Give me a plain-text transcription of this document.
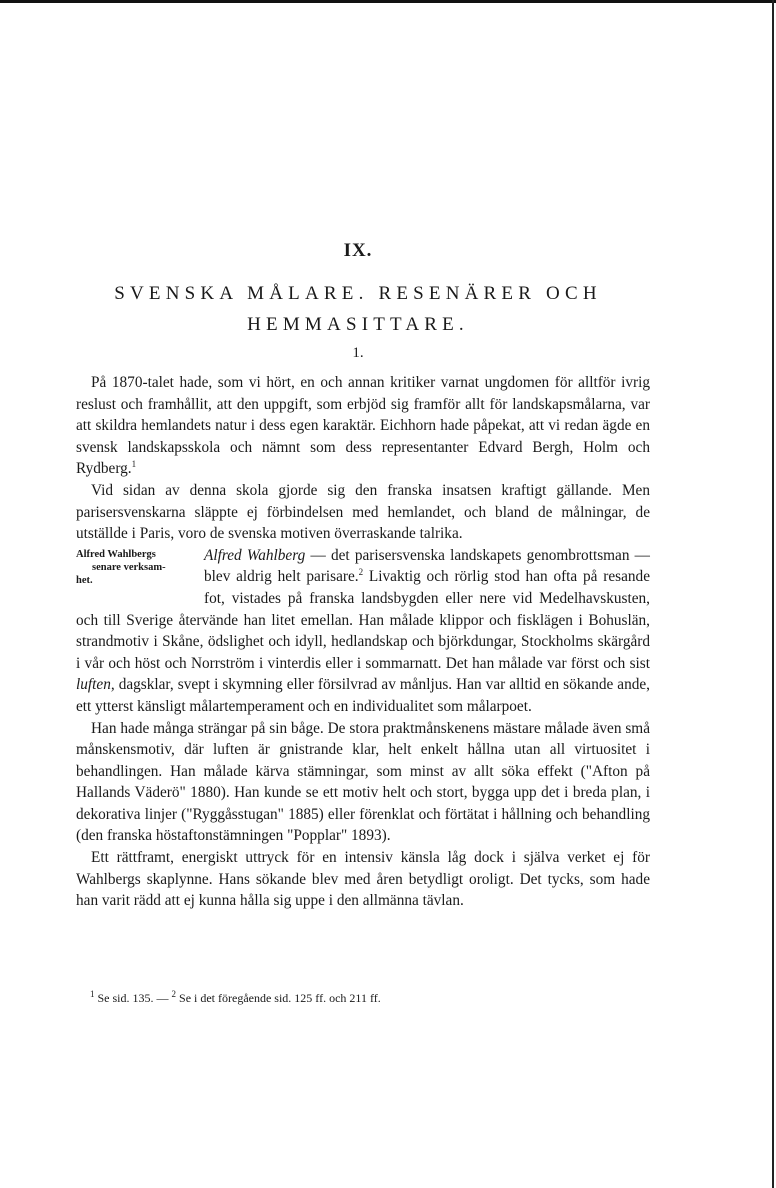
IX.
SVENSKA MÅLARE. RESENÄRER OCH
HEMMASITTARE.
1.

På 1870-talet hade, som vi hört, en och annan kritiker varnat ungdomen för alltför ivrig reslust och framhållit, att den uppgift, som erbjöd sig framför allt för landskapsmålarna, var att skildra hemlandets natur i dess egen karaktär. Eichhorn hade påpekat, att vi redan ägde en svensk landskapsskola och nämnt som dess representanter Edvard Bergh, Holm och Rydberg.$^1$

Vid sidan av denna skola gjorde sig den franska insatsen kraftigt gällande. Men parisersvenskarna släppte ej förbindelsen med hemlandet, och bland de målningar, de utställde i Paris, voro de svenska motiven överraskande talrika.

Alfred Wahlbergs
senare verksam-
het.
Alfred Wahlberg — det parisersvenska landskapets genombrottsman — blev aldrig helt parisare.$^2$ Livaktig och rörlig stod han ofta på resande fot, vistades på franska landsbygden eller nere vid Medelhavskusten, och till Sverige återvände han litet emellan. Han målade klippor och fisklägen i Bohuslän, strandmotiv i Skåne, ödslighet och idyll, hedlandskap och björkdungar, Stockholms skärgård i vår och höst och Norrström i vinterdis eller i sommarnatt. Det han målade var först och sist luften, dagsklar, svept i skymning eller försilvrad av månljus. Han var alltid en sökande ande, ett ytterst känsligt målartemperament och en individualitet som målarpoet.

Han hade många strängar på sin båge. De stora praktmånskenens mästare målade även små månskensmotiv, där luften är gnistrande klar, helt enkelt hållna utan all virtuositet i behandlingen. Han målade kärva stämningar, som minst av allt söka effekt ("Afton på Hallands Väderö" 1880). Han kunde se ett motiv helt och stort, bygga upp det i breda plan, i dekorativa linjer ("Ryggåsstugan" 1885) eller förenklat och förtätat i hållning och behandling (den franska höstaftonstämningen "Popplar" 1893).

Ett rättframt, energiskt uttryck för en intensiv känsla låg dock i själva verket ej för Wahlbergs skaplynne. Hans sökande blev med åren betydligt oroligt. Det tycks, som hade han varit rädd att ej kunna hålla sig uppe i den allmänna tävlan.

$^1$ Se sid. 135. — $^2$ Se i det föregående sid. 125 ff. och 211 ff.
